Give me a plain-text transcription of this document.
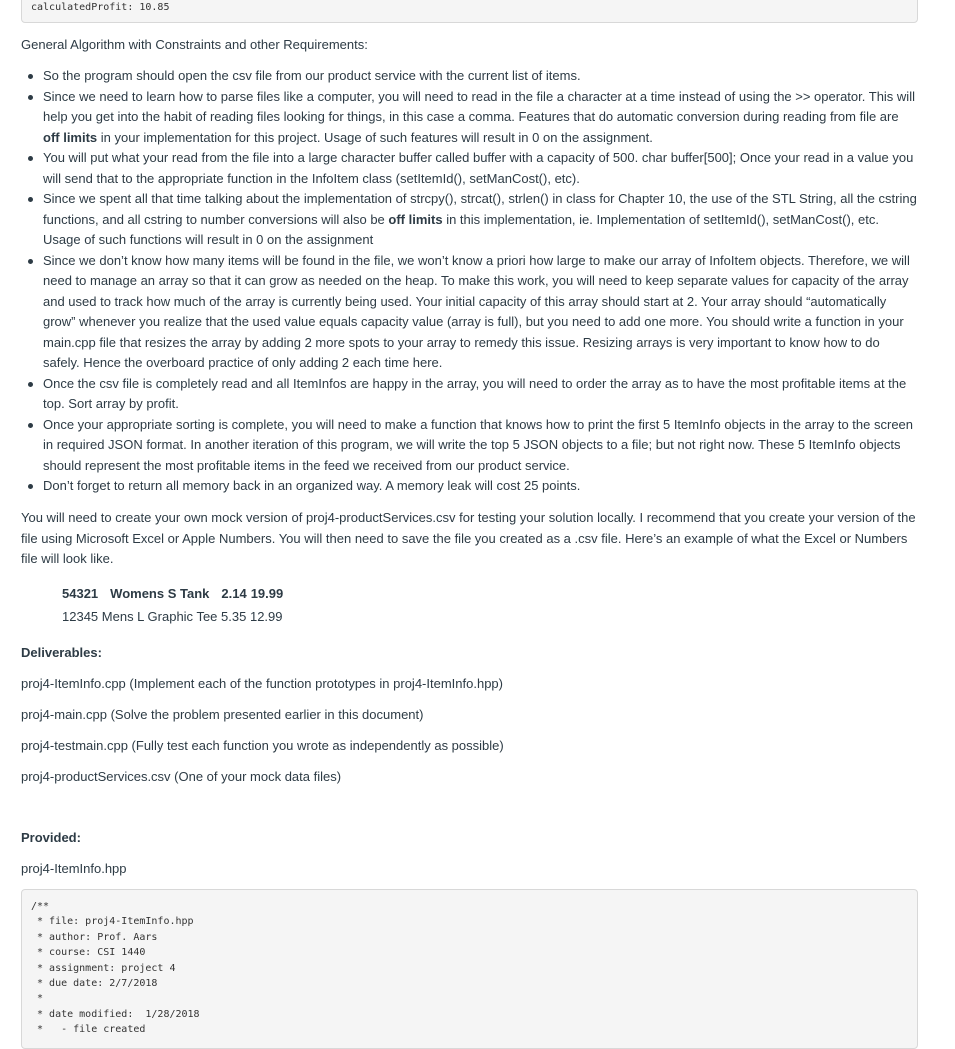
calculatedProfit: 10.85

General Algorithm with Constraints and other Requirements:

So the program should open the csv file from our product service with the current list of items.
Since we need to learn how to parse files like a computer, you will need to read in the file a character at a time instead of using the >> operator. This will help you get into the habit of reading files looking for things, in this case a comma. Features that do automatic conversion during reading from file are off limits in your implementation for this project. Usage of such features will result in 0 on the assignment.
You will put what your read from the file into a large character buffer called buffer with a capacity of 500. char buffer[500]; Once your read in a value you will send that to the appropriate function in the InfoItem class (setItemId(), setManCost(), etc).
Since we spent all that time talking about the implementation of strcpy(), strcat(), strlen() in class for Chapter 10, the use of the STL String, all the cstring functions, and all cstring to number conversions will also be off limits in this implementation, ie. Implementation of setItemId(), setManCost(), etc. Usage of such functions will result in 0 on the assignment
Since we don’t know how many items will be found in the file, we won’t know a priori how large to make our array of InfoItem objects. Therefore, we will need to manage an array so that it can grow as needed on the heap. To make this work, you will need to keep separate values for capacity of the array and used to track how much of the array is currently being used. Your initial capacity of this array should start at 2. Your array should “automatically grow” whenever you realize that the used value equals capacity value (array is full), but you need to add one more. You should write a function in your main.cpp file that resizes the array by adding 2 more spots to your array to remedy this issue. Resizing arrays is very important to know how to do safely. Hence the overboard practice of only adding 2 each time here.
Once the csv file is completely read and all ItemInfos are happy in the array, you will need to order the array as to have the most profitable items at the top. Sort array by profit.
Once your appropriate sorting is complete, you will need to make a function that knows how to print the first 5 ItemInfo objects in the array to the screen in required JSON format. In another iteration of this program, we will write the top 5 JSON objects to a file; but not right now. These 5 ItemInfo objects should represent the most profitable items in the feed we received from our product service.
Don’t forget to return all memory back in an organized way. A memory leak will cost 25 points.

You will need to create your own mock version of proj4-productServices.csv for testing your solution locally. I recommend that you create your version of the file using Microsoft Excel or Apple Numbers. You will then need to save the file you created as a .csv file. Here’s an example of what the Excel or Numbers file will look like.

54321 Womens S Tank 2.14 19.99

12345 Mens L Graphic Tee 5.35 12.99

Deliverables:

proj4-ItemInfo.cpp (Implement each of the function prototypes in proj4-ItemInfo.hpp)

proj4-main.cpp (Solve the problem presented earlier in this document)

proj4-testmain.cpp (Fully test each function you wrote as independently as possible)

proj4-productServices.csv (One of your mock data files)

Provided:

proj4-ItemInfo.hpp

/**
* file: proj4-ItemInfo.hpp
* author: Prof. Aars
* course: CSI 1440
* assignment: project 4
* due date: 2/7/2018
*
* date modified:  1/28/2018
*   - file created
